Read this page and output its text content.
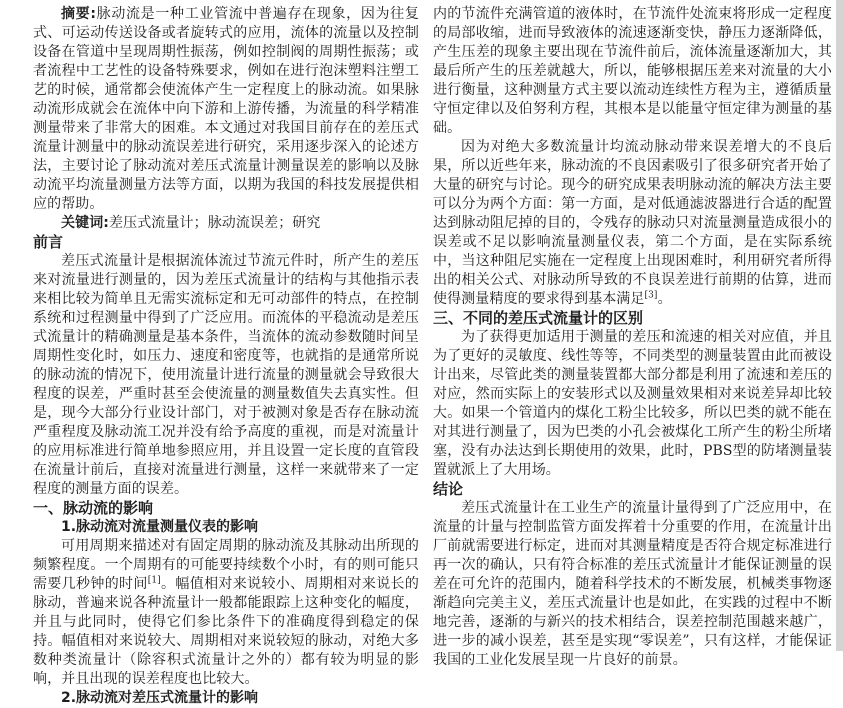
摘要:脉动流是一种工业管流中普遍存在现象，因为往复式、可运动传送设备或者旋转式的应用，流体的流量以及控制设备在管道中呈现周期性振荡，例如控制阀的周期性振荡；或者流程中工艺性的设备特殊要求，例如在进行泡沫塑料注塑工艺的时候，通常都会使流体产生一定程度上的脉动流。如果脉动流形成就会在流体中向下游和上游传播，为流量的科学精准测量带来了非常大的困难。本文通过对我国目前存在的差压式流量计测量中的脉动流误差进行研究，采用逐步深入的论述方法，主要讨论了脉动流对差压式流量计测量误差的影响以及脉动流平均流量测量方法等方面，以期为我国的科技发展提供相应的帮助。

关键词:差压式流量计；脉动流误差；研究

前言

差压式流量计是根据流体流过节流元件时，所产生的差压来对流量进行测量的，因为差压式流量计的结构与其他指示表来相比较为简单且无需实流标定和无可动部件的特点，在控制系统和过程测量中得到了广泛应用。而流体的平稳流动是差压式流量计的精确测量是基本条件，当流体的流动参数随时间呈周期性变化时，如压力、速度和密度等，也就指的是通常所说的脉动流的情况下，使用流量计进行流量的测量就会导致很大程度的误差，严重时甚至会使流量的测量数值失去真实性。但是，现今大部分行业设计部门，对于被测对象是否存在脉动流严重程度及脉动流工况并没有给予高度的重视，而是对流量计的应用标准进行简单地参照应用，并且设置一定长度的直管段在流量计前后，直接对流量进行测量，这样一来就带来了一定程度的测量方面的误差。

一、脉动流的影响
1.脉动流对流量测量仪表的影响

可用周期来描述对有固定周期的脉动流及其脉动出所现的频繁程度。一个周期有的可能要持续数个小时，有的则可能只需要几秒钟的时间[1]。幅值相对来说较小、周期相对来说长的脉动，普遍来说各种流量计一般都能跟踪上这种变化的幅度，并且与此同时，使得它们参比条件下的准确度得到稳定的保持。幅值相对来说较大、周期相对来说较短的脉动，对绝大多数种类流量计（除容积式流量计之外的）都有较为明显的影响，并且出现的误差程度也比较大。

2.脉动流对差压式流量计的影响

内的节流件充满管道的液体时，在节流件处流束将形成一定程度的局部收缩，进而导致液体的流速逐渐变快，静压力逐渐降低，产生压差的现象主要出现在节流件前后，流体流量逐渐加大，其最后所产生的压差就越大，所以，能够根据压差来对流量的大小进行衡量，这种测量方式主要以流动连续性方程为主，遵循质量守恒定律以及伯努利方程，其根本是以能量守恒定律为测量的基础。

因为对绝大多数流量计均流动脉动带来误差增大的不良后果，所以近些年来，脉动流的不良因素吸引了很多研究者开始了大量的研究与讨论。现今的研究成果表明脉动流的解决方法主要可以分为两个方面：第一方面，是对低通滤波器进行合适的配置达到脉动阻尼掉的目的，令残存的脉动只对流量测量造成很小的误差或不足以影响流量测量仪表，第二个方面，是在实际系统中，当这种阻尼实施在一定程度上出现困难时，利用研究者所得出的相关公式、对脉动所导致的不良误差进行前期的估算，进而使得测量精度的要求得到基本满足[3]。

三、不同的差压式流量计的区别

为了获得更加适用于测量的差压和流速的相关对应值，并且为了更好的灵敏度、线性等等，不同类型的测量装置由此而被设计出来，尽管此类的测量装置都大部分都是利用了流速和差压的对应，然而实际上的安装形式以及测量效果相对来说差异却比较大。如果一个管道内的煤化工粉尘比较多，所以巴类的就不能在对其进行测量了，因为巴类的小孔会被煤化工所产生的粉尘所堵塞，没有办法达到长期使用的效果，此时，PBS型的防堵测量装置就派上了大用场。

结论

差压式流量计在工业生产的流量计量得到了广泛应用中，在流量的计量与控制监管方面发挥着十分重要的作用，在流量计出厂前就需要进行标定，进而对其测量精度是否符合规定标准进行再一次的确认，只有符合标准的差压式流量计才能保证测量的误差在可允许的范围内，随着科学技术的不断发展，机械类事物逐渐趋向完美主义，差压式流量计也是如此，在实践的过程中不断地完善，逐渐的与新兴的技术相结合，误差控制范围越来越广，进一步的减小误差，甚至是实现“零误差”，只有这样，才能保证我国的工业化发展呈现一片良好的前景。
